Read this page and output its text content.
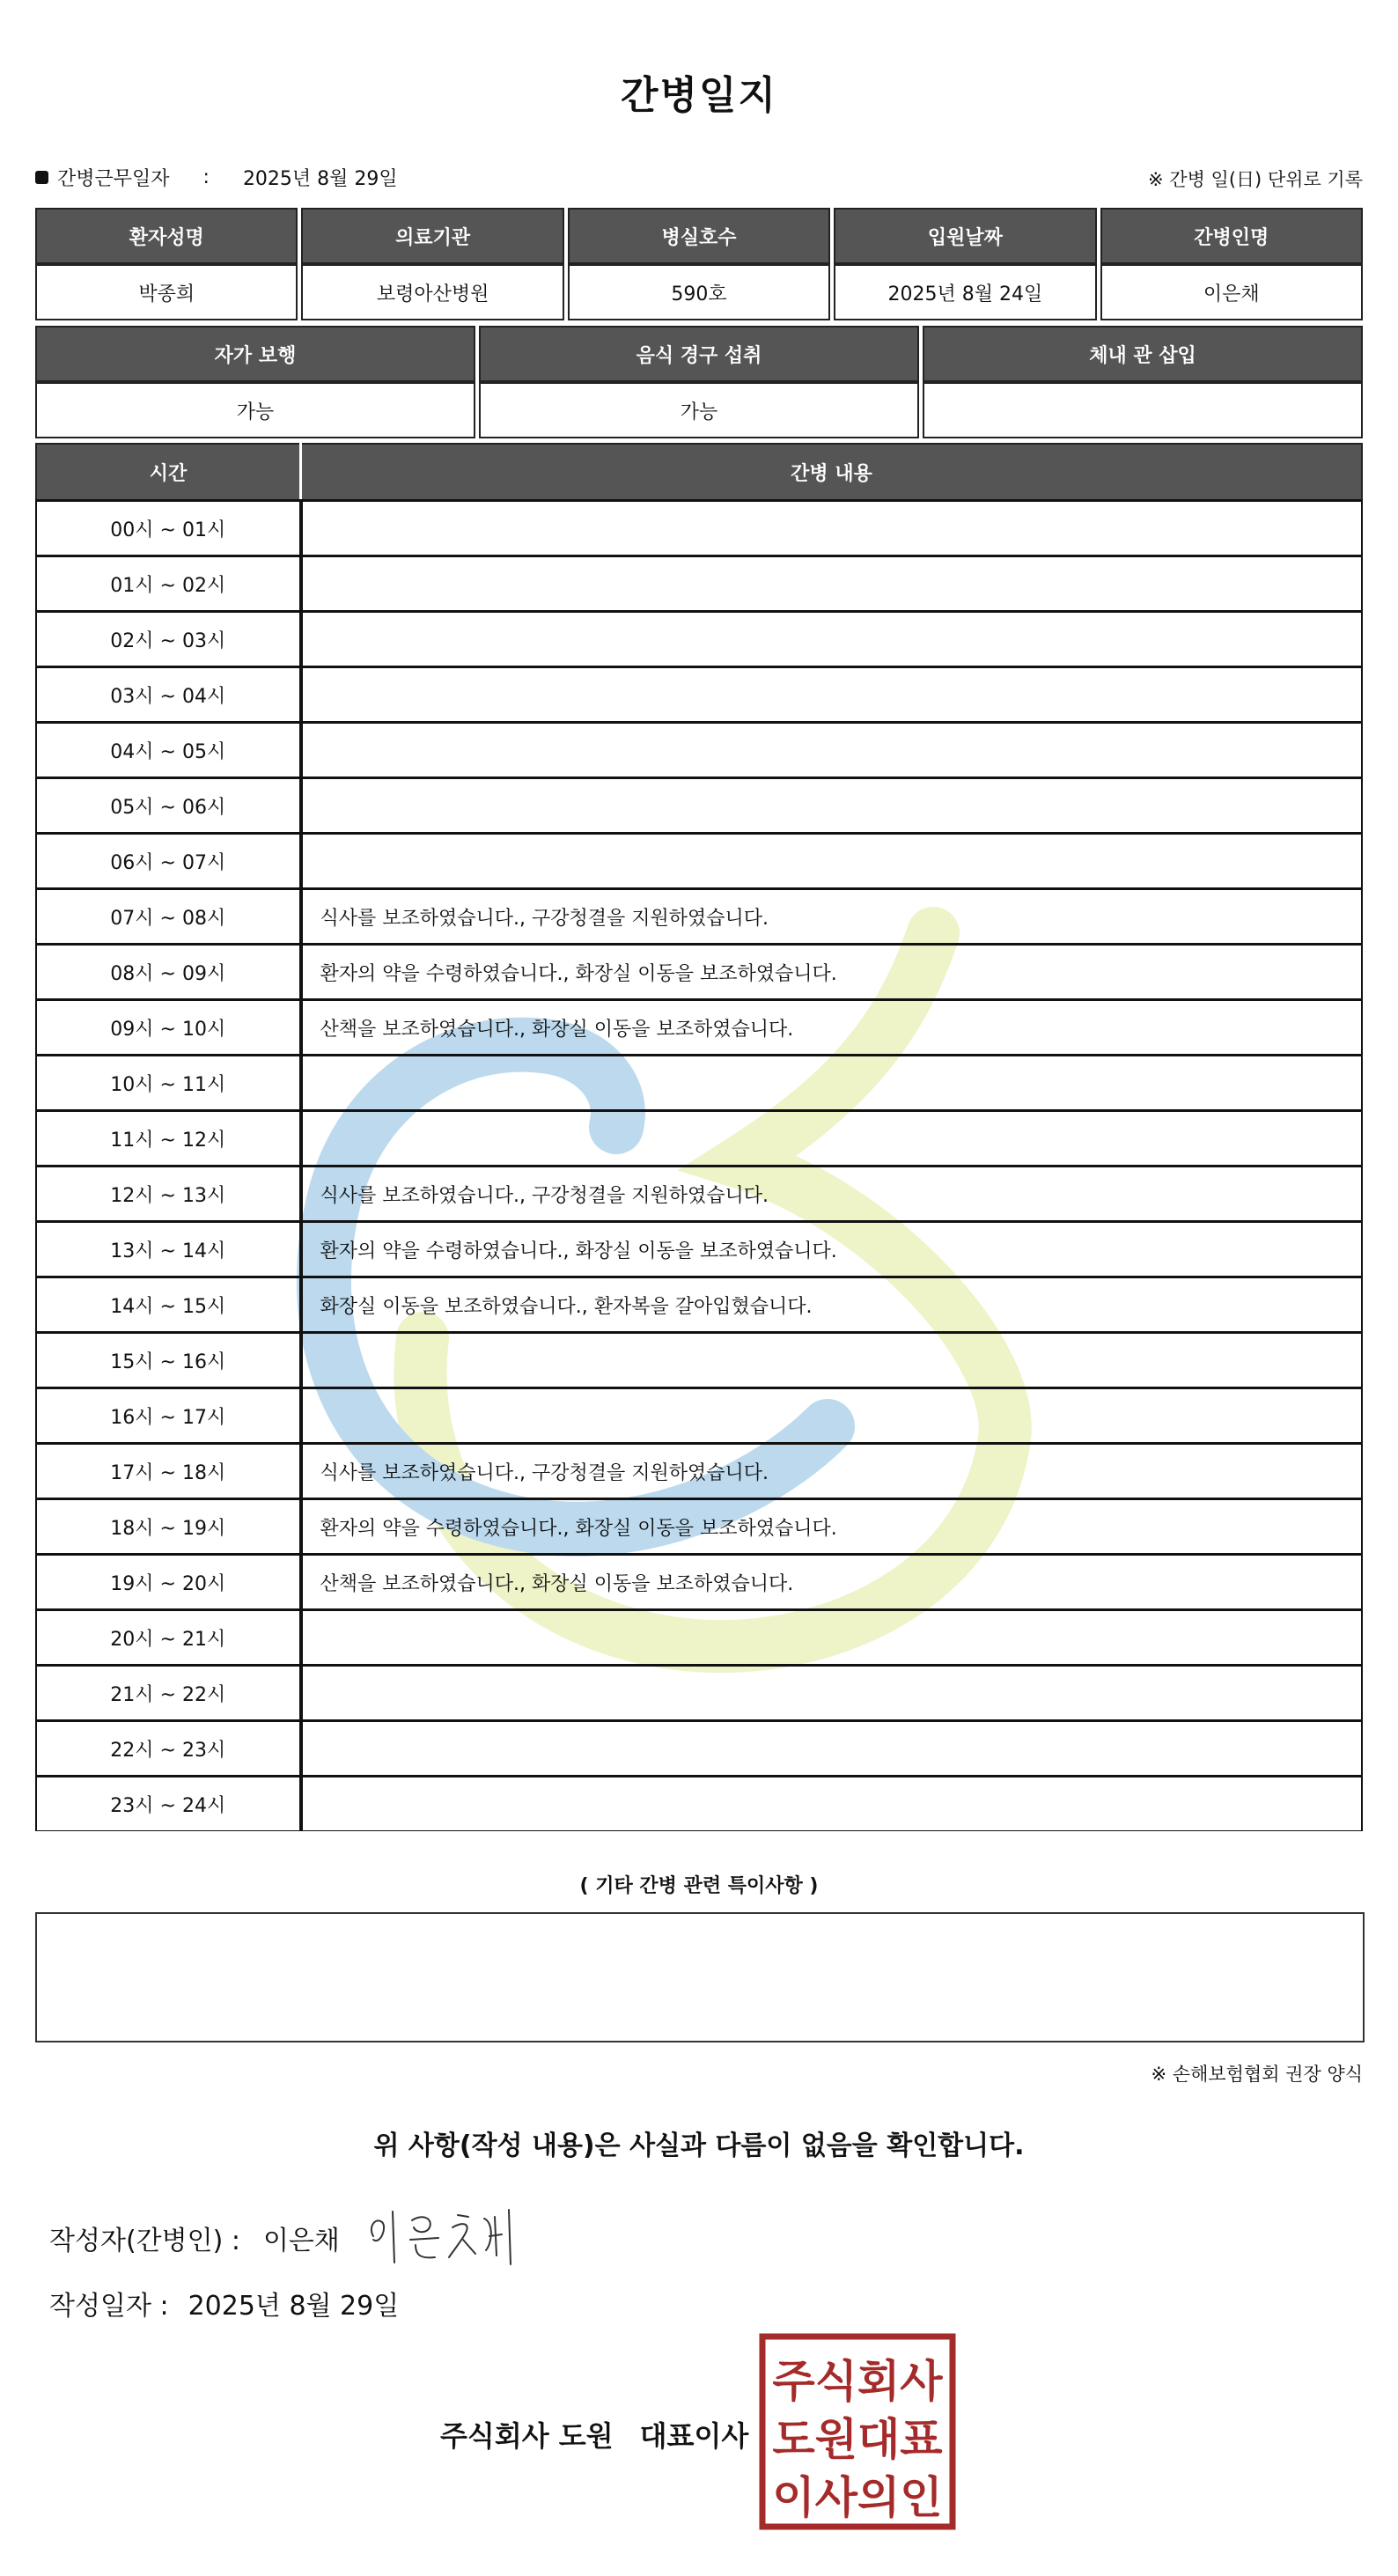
간병일지
간병근무일자 : 2025년 8월 29일	※ 간병 일(日) 단위로 기록
환자성명	의료기관	병실호수	입원날짜	간병인명
박종희	보령아산병원	590호	2025년 8월 24일	이은채
자가 보행	음식 경구 섭취	체내 관 삽입
가능	가능	
시간	간병 내용
00시 ~ 01시	
01시 ~ 02시	
02시 ~ 03시	
03시 ~ 04시	
04시 ~ 05시	
05시 ~ 06시	
06시 ~ 07시	
07시 ~ 08시	식사를 보조하였습니다., 구강청결을 지원하였습니다.
08시 ~ 09시	환자의 약을 수령하였습니다., 화장실 이동을 보조하였습니다.
09시 ~ 10시	산책을 보조하였습니다., 화장실 이동을 보조하였습니다.
10시 ~ 11시	
11시 ~ 12시	
12시 ~ 13시	식사를 보조하였습니다., 구강청결을 지원하였습니다.
13시 ~ 14시	환자의 약을 수령하였습니다., 화장실 이동을 보조하였습니다.
14시 ~ 15시	화장실 이동을 보조하였습니다., 환자복을 갈아입혔습니다.
15시 ~ 16시	
16시 ~ 17시	
17시 ~ 18시	식사를 보조하였습니다., 구강청결을 지원하였습니다.
18시 ~ 19시	환자의 약을 수령하였습니다., 화장실 이동을 보조하였습니다.
19시 ~ 20시	산책을 보조하였습니다., 화장실 이동을 보조하였습니다.
20시 ~ 21시	
21시 ~ 22시	
22시 ~ 23시	
23시 ~ 24시	
( 기타 간병 관련 특이사항 )
※ 손해보험협회 권장 양식
위 사항(작성 내용)은 사실과 다름이 없음을 확인합니다.
작성자(간병인) : 이은채
작성일자 : 2025년 8월 29일
주식회사 도원 대표이사
주식회사
도원대표
이사의인
